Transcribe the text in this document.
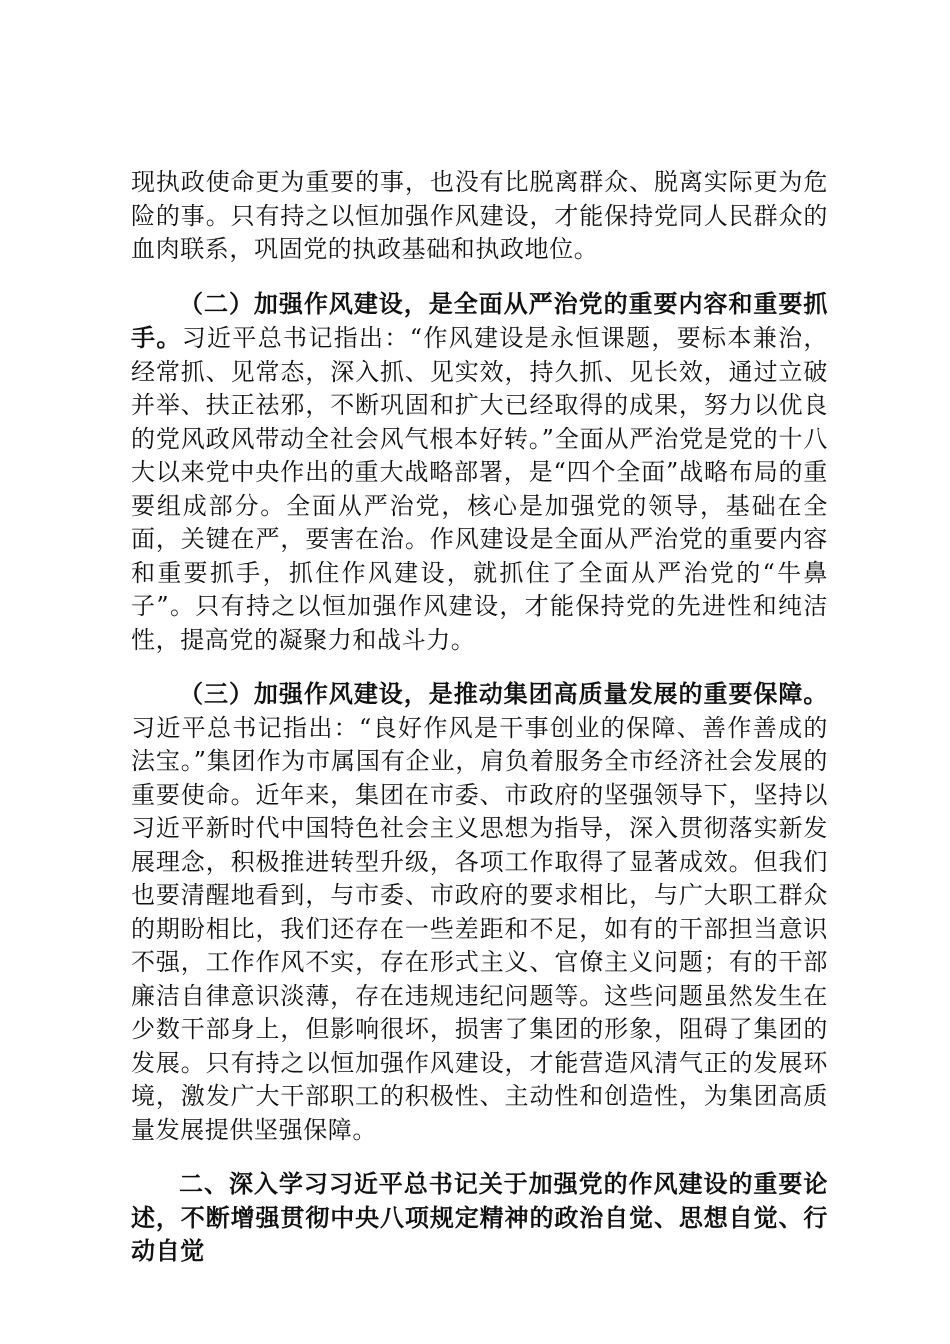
现执政使命更为重要的事，也没有比脱离群众、脱离实际更为危险的事。只有持之以恒加强作风建设，才能保持党同人民群众的血肉联系，巩固党的执政基础和执政地位。

（二）加强作风建设，是全面从严治党的重要内容和重要抓手。习近平总书记指出：“作风建设是永恒课题，要标本兼治，经常抓、见常态，深入抓、见实效，持久抓、见长效，通过立破并举、扶正祛邪，不断巩固和扩大已经取得的成果，努力以优良的党风政风带动全社会风气根本好转。”全面从严治党是党的十八大以来党中央作出的重大战略部署，是“四个全面”战略布局的重要组成部分。全面从严治党，核心是加强党的领导，基础在全面，关键在严，要害在治。作风建设是全面从严治党的重要内容和重要抓手，抓住作风建设，就抓住了全面从严治党的“牛鼻子”。只有持之以恒加强作风建设，才能保持党的先进性和纯洁性，提高党的凝聚力和战斗力。

（三）加强作风建设，是推动集团高质量发展的重要保障。习近平总书记指出：“良好作风是干事创业的保障、善作善成的法宝。”集团作为市属国有企业，肩负着服务全市经济社会发展的重要使命。近年来，集团在市委、市政府的坚强领导下，坚持以习近平新时代中国特色社会主义思想为指导，深入贯彻落实新发展理念，积极推进转型升级，各项工作取得了显著成效。但我们也要清醒地看到，与市委、市政府的要求相比，与广大职工群众的期盼相比，我们还存在一些差距和不足，如有的干部担当意识不强，工作作风不实，存在形式主义、官僚主义问题；有的干部廉洁自律意识淡薄，存在违规违纪问题等。这些问题虽然发生在少数干部身上，但影响很坏，损害了集团的形象，阻碍了集团的发展。只有持之以恒加强作风建设，才能营造风清气正的发展环境，激发广大干部职工的积极性、主动性和创造性，为集团高质量发展提供坚强保障。

二、深入学习习近平总书记关于加强党的作风建设的重要论述，不断增强贯彻中央八项规定精神的政治自觉、思想自觉、行动自觉
